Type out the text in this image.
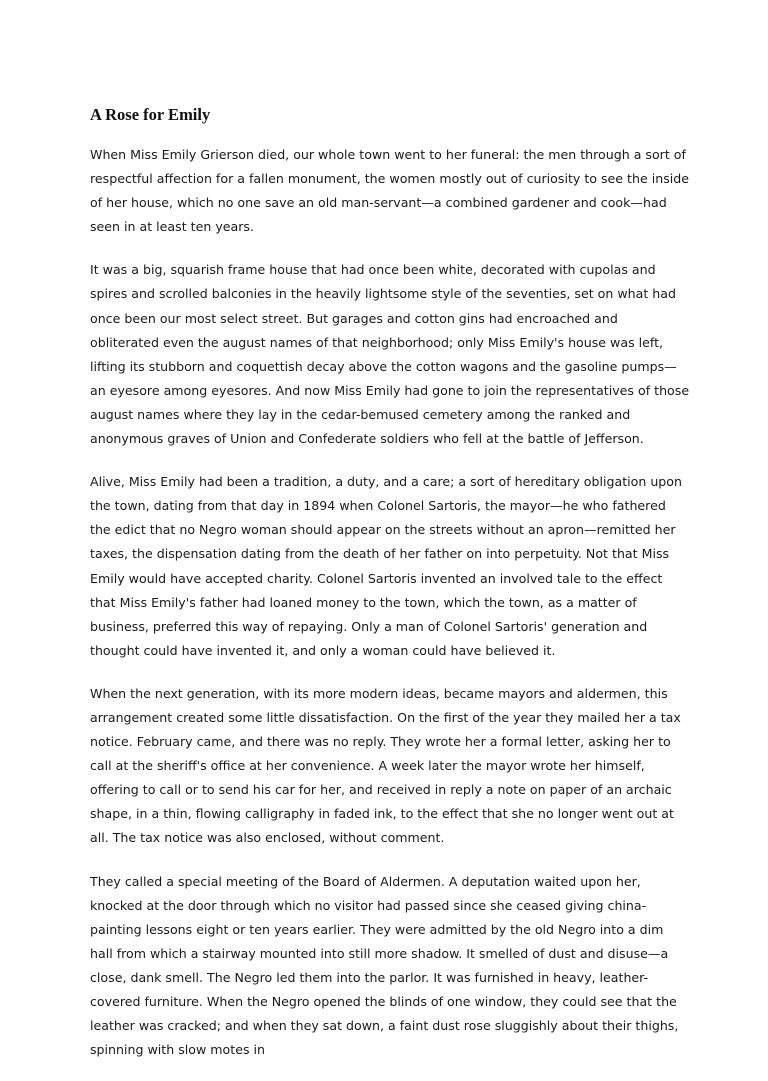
A Rose for Emily

When Miss Emily Grierson died, our whole town went to her funeral: the men through a sort of respectful affection for a fallen monument, the women mostly out of curiosity to see the inside of her house, which no one save an old man-servant—a combined gardener and cook—had seen in at least ten years.

It was a big, squarish frame house that had once been white, decorated with cupolas and spires and scrolled balconies in the heavily lightsome style of the seventies, set on what had once been our most select street. But garages and cotton gins had encroached and obliterated even the august names of that neighborhood; only Miss Emily's house was left, lifting its stubborn and coquettish decay above the cotton wagons and the gasoline pumps—an eyesore among eyesores. And now Miss Emily had gone to join the representatives of those august names where they lay in the cedar-bemused cemetery among the ranked and anonymous graves of Union and Confederate soldiers who fell at the battle of Jefferson.

Alive, Miss Emily had been a tradition, a duty, and a care; a sort of hereditary obligation upon the town, dating from that day in 1894 when Colonel Sartoris, the mayor—he who fathered the edict that no Negro woman should appear on the streets without an apron—remitted her taxes, the dispensation dating from the death of her father on into perpetuity. Not that Miss Emily would have accepted charity. Colonel Sartoris invented an involved tale to the effect that Miss Emily's father had loaned money to the town, which the town, as a matter of business, preferred this way of repaying. Only a man of Colonel Sartoris' generation and thought could have invented it, and only a woman could have believed it.

When the next generation, with its more modern ideas, became mayors and aldermen, this arrangement created some little dissatisfaction. On the first of the year they mailed her a tax notice. February came, and there was no reply. They wrote her a formal letter, asking her to call at the sheriff's office at her convenience. A week later the mayor wrote her himself, offering to call or to send his car for her, and received in reply a note on paper of an archaic shape, in a thin, flowing calligraphy in faded ink, to the effect that she no longer went out at all. The tax notice was also enclosed, without comment.

They called a special meeting of the Board of Aldermen. A deputation waited upon her, knocked at the door through which no visitor had passed since she ceased giving china-painting lessons eight or ten years earlier. They were admitted by the old Negro into a dim hall from which a stairway mounted into still more shadow. It smelled of dust and disuse—a close, dank smell. The Negro led them into the parlor. It was furnished in heavy, leather-covered furniture. When the Negro opened the blinds of one window, they could see that the leather was cracked; and when they sat down, a faint dust rose sluggishly about their thighs, spinning with slow motes in
